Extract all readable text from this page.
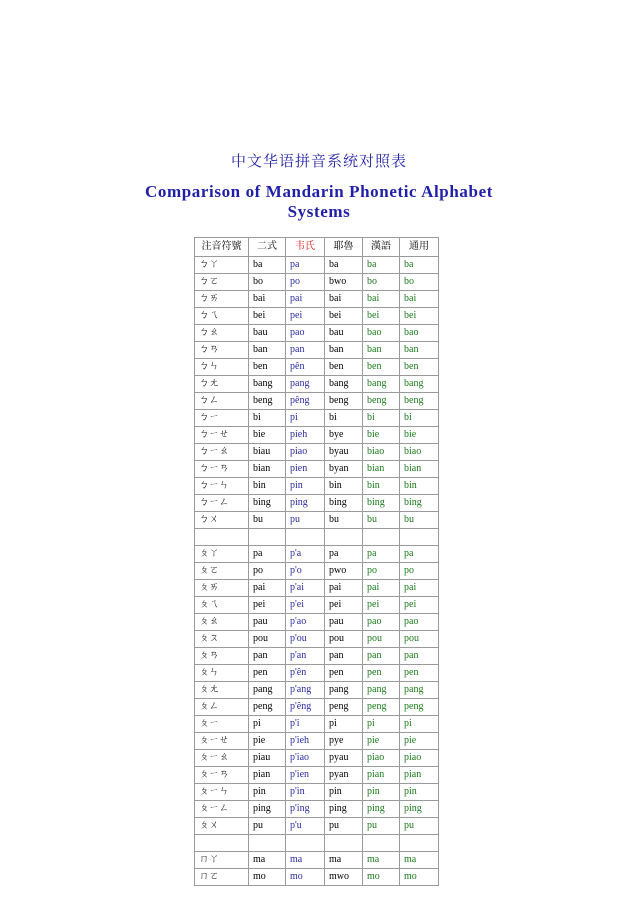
中文华语拼音系统对照表
Comparison of Mandarin Phonetic Alphabet
Systems
注音符號	二式	韦氏	耶魯	漢語	通用
ㄅㄚ	ba	pa	ba	ba	ba
ㄅㄛ	bo	po	bwo	bo	bo
ㄅㄞ	bai	pai	bai	bai	bai
ㄅㄟ	bei	pei	bei	bei	bei
ㄅㄠ	bau	pao	bau	bao	bao
ㄅㄢ	ban	pan	ban	ban	ban
ㄅㄣ	ben	pên	ben	ben	ben
ㄅㄤ	bang	pang	bang	bang	bang
ㄅㄥ	beng	pêng	beng	beng	beng
ㄅㄧ	bi	pi	bi	bi	bi
ㄅㄧㄝ	bie	pieh	bye	bie	bie
ㄅㄧㄠ	biau	piao	byau	biao	biao
ㄅㄧㄢ	bian	pien	byan	bian	bian
ㄅㄧㄣ	bin	pin	bin	bin	bin
ㄅㄧㄥ	bing	ping	bing	bing	bing
ㄅㄨ	bu	pu	bu	bu	bu

ㄆㄚ	pa	p'a	pa	pa	pa
ㄆㄛ	po	p'o	pwo	po	po
ㄆㄞ	pai	p'ai	pai	pai	pai
ㄆㄟ	pei	p'ei	pei	pei	pei
ㄆㄠ	pau	p'ao	pau	pao	pao
ㄆㄡ	pou	p'ou	pou	pou	pou
ㄆㄢ	pan	p'an	pan	pan	pan
ㄆㄣ	pen	p'ên	pen	pen	pen
ㄆㄤ	pang	p'ang	pang	pang	pang
ㄆㄥ	peng	p'êng	peng	peng	peng
ㄆㄧ	pi	p'i	pi	pi	pi
ㄆㄧㄝ	pie	p'ieh	pye	pie	pie
ㄆㄧㄠ	piau	p'iao	pyau	piao	piao
ㄆㄧㄢ	pian	p'ien	pyan	pian	pian
ㄆㄧㄣ	pin	p'in	pin	pin	pin
ㄆㄧㄥ	ping	p'ing	ping	ping	ping
ㄆㄨ	pu	p'u	pu	pu	pu

ㄇㄚ	ma	ma	ma	ma	ma
ㄇㄛ	mo	mo	mwo	mo	mo
